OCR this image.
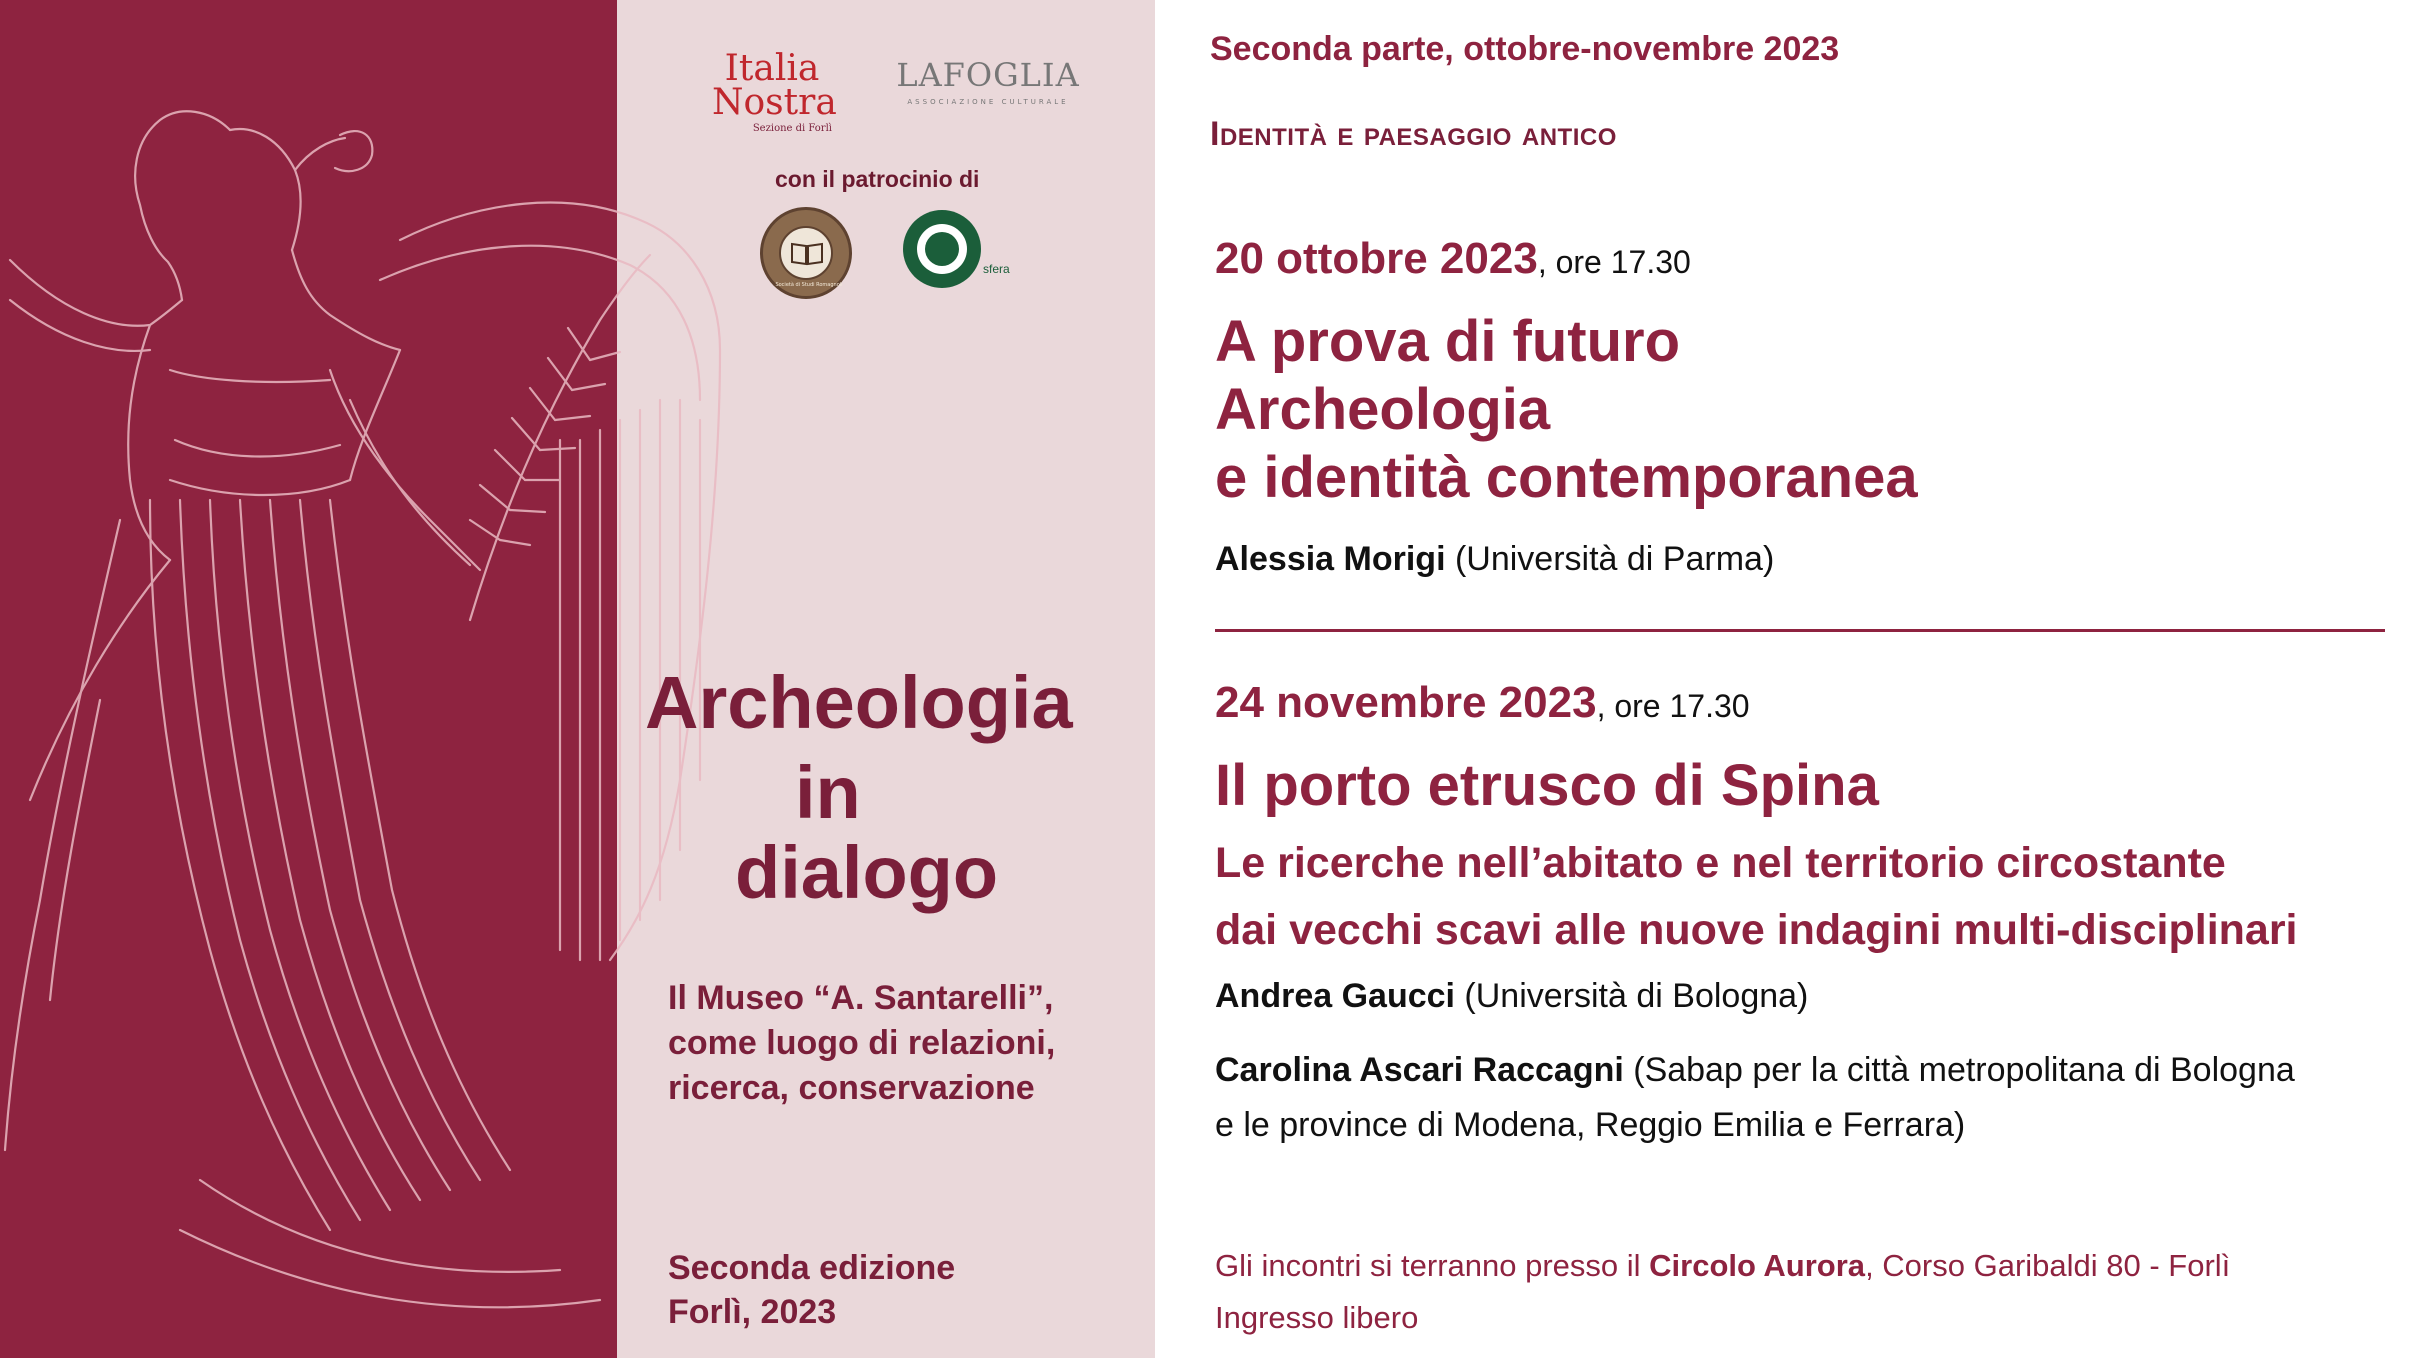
Italia
Nostra
Sezione di Forlì
LAFOGLIA
ASSOCIAZIONE CULTURALE
con il patrocinio di
Società di Studi Romagnoli
sfera
Archeologia
in
dialogo
Il Museo “A. Santarelli”,
come luogo di relazioni,
ricerca, conservazione
Seconda edizione
Forlì, 2023
Seconda parte, ottobre-novembre 2023
Identità e paesaggio antico
20 ottobre 2023, ore 17.30
A prova di futuro
Archeologia
e identità contemporanea
Alessia Morigi (Università di Parma)
24 novembre 2023, ore 17.30
Il porto etrusco di Spina
Le ricerche nell’abitato e nel territorio circostante
dai vecchi scavi alle nuove indagini multi-disciplinari
Andrea Gaucci (Università di Bologna)
Carolina Ascari Raccagni (Sabap per la città metropolitana di Bologna
e le province di Modena, Reggio Emilia e Ferrara)
Gli incontri si terranno presso il Circolo Aurora, Corso Garibaldi 80 - Forlì
Ingresso libero
